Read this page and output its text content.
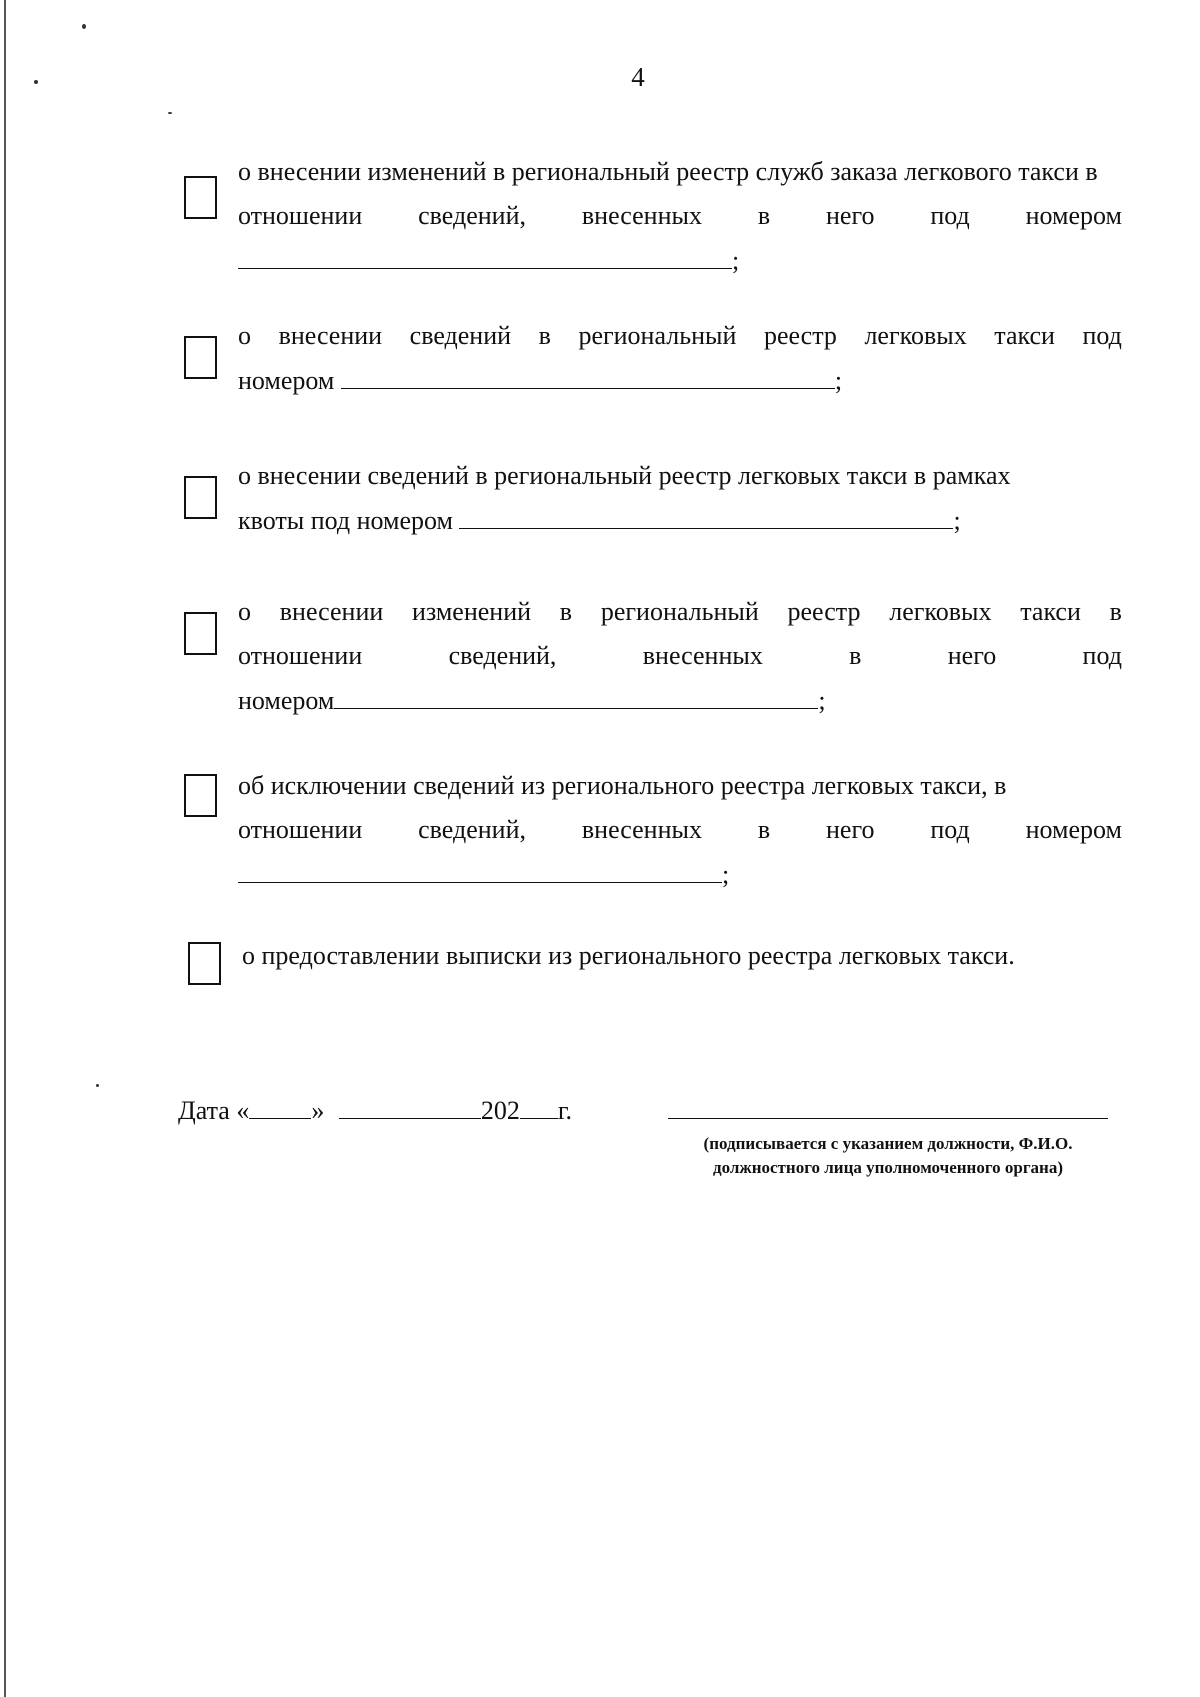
4
о внесении изменений в региональный реестр служб заказа легкового такси в
отношении сведений, внесенных в него под номером
;
о внесении сведений в региональный реестр легковых такси под
номером	;
о внесении сведений в региональный реестр легковых такси в рамках
квоты под номером	;
о внесении изменений в региональный реестр легковых такси в
отношении	сведений,	внесенных	в	него	под
номером	;
об исключении сведений из регионального реестра легковых такси, в
отношении сведений, внесенных в него под номером
;
о предоставлении выписки из регионального реестра легковых такси.
Дата « »	202 г.
(подписывается с указанием должности, Ф.И.О.
должностного лица уполномоченного органа)
